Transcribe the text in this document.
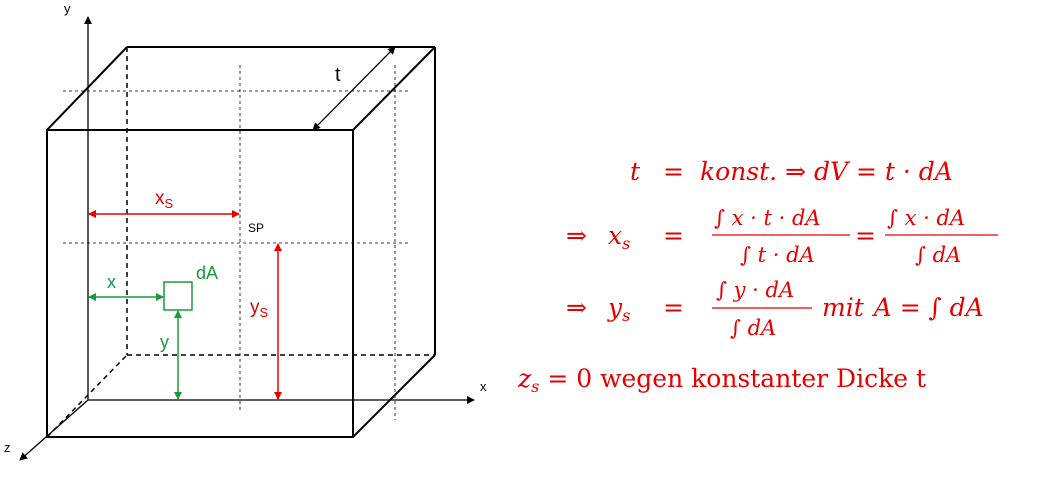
y
x
z
t
$x_S$
SP
$y_S$
dA
x
y
t = konst. ⇒ dV = t · dA
⇒ $x_s$ =
∫ x · t · dA
∫ t · dA
=
∫ x · dA
∫ dA
⇒ $y_s$ =
∫ y · dA
∫ dA
mit A = ∫ dA
$z_s = 0$ wegen konstanter Dicke t
